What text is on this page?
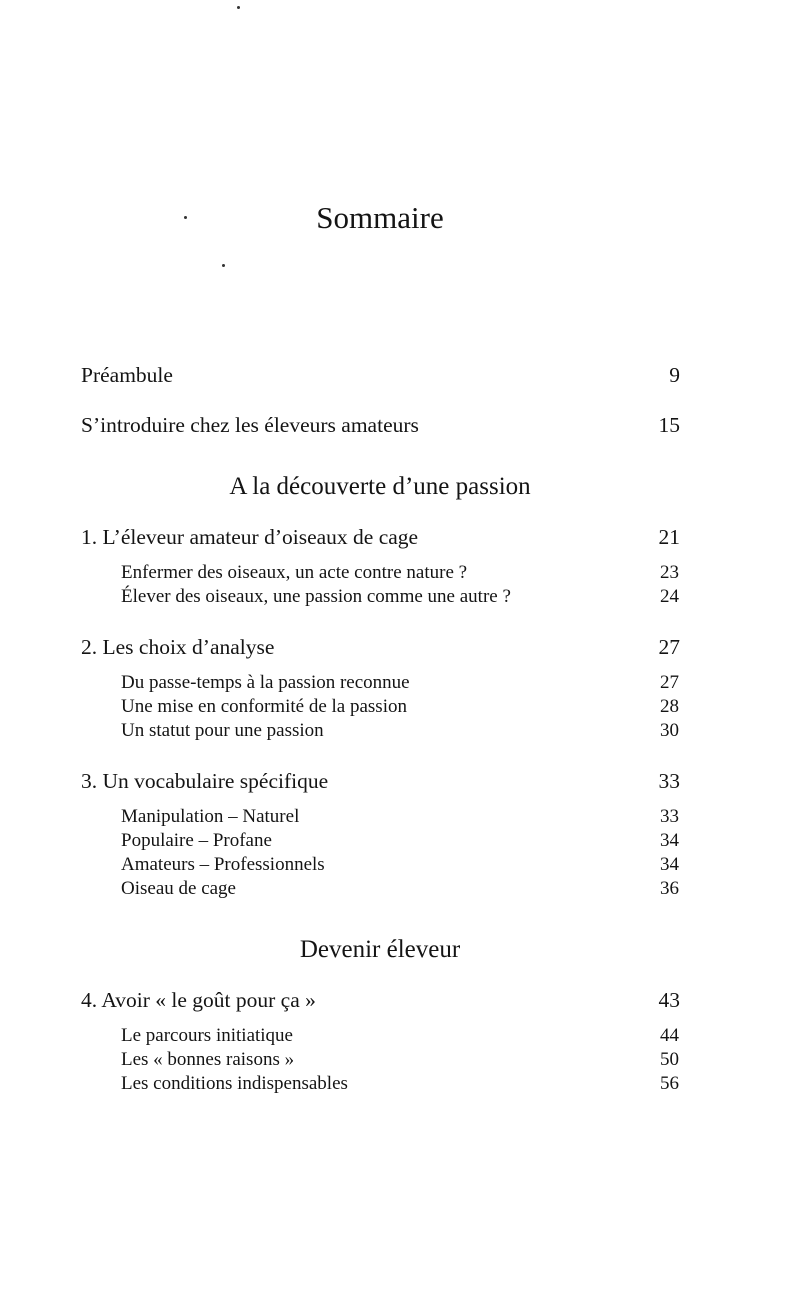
Sommaire
Préambule	9
S’introduire chez les éleveurs amateurs	15
A la découverte d’une passion
1. L’éleveur amateur d’oiseaux de cage	21
Enfermer des oiseaux, un acte contre nature ?	23
Élever des oiseaux, une passion comme une autre ?	24
2. Les choix d’analyse	27
Du passe-temps à la passion reconnue	27
Une mise en conformité de la passion	28
Un statut pour une passion	30
3. Un vocabulaire spécifique	33
Manipulation – Naturel	33
Populaire – Profane	34
Amateurs – Professionnels	34
Oiseau de cage	36
Devenir éleveur
4. Avoir « le goût pour ça »	43
Le parcours initiatique	44
Les « bonnes raisons »	50
Les conditions indispensables	56
